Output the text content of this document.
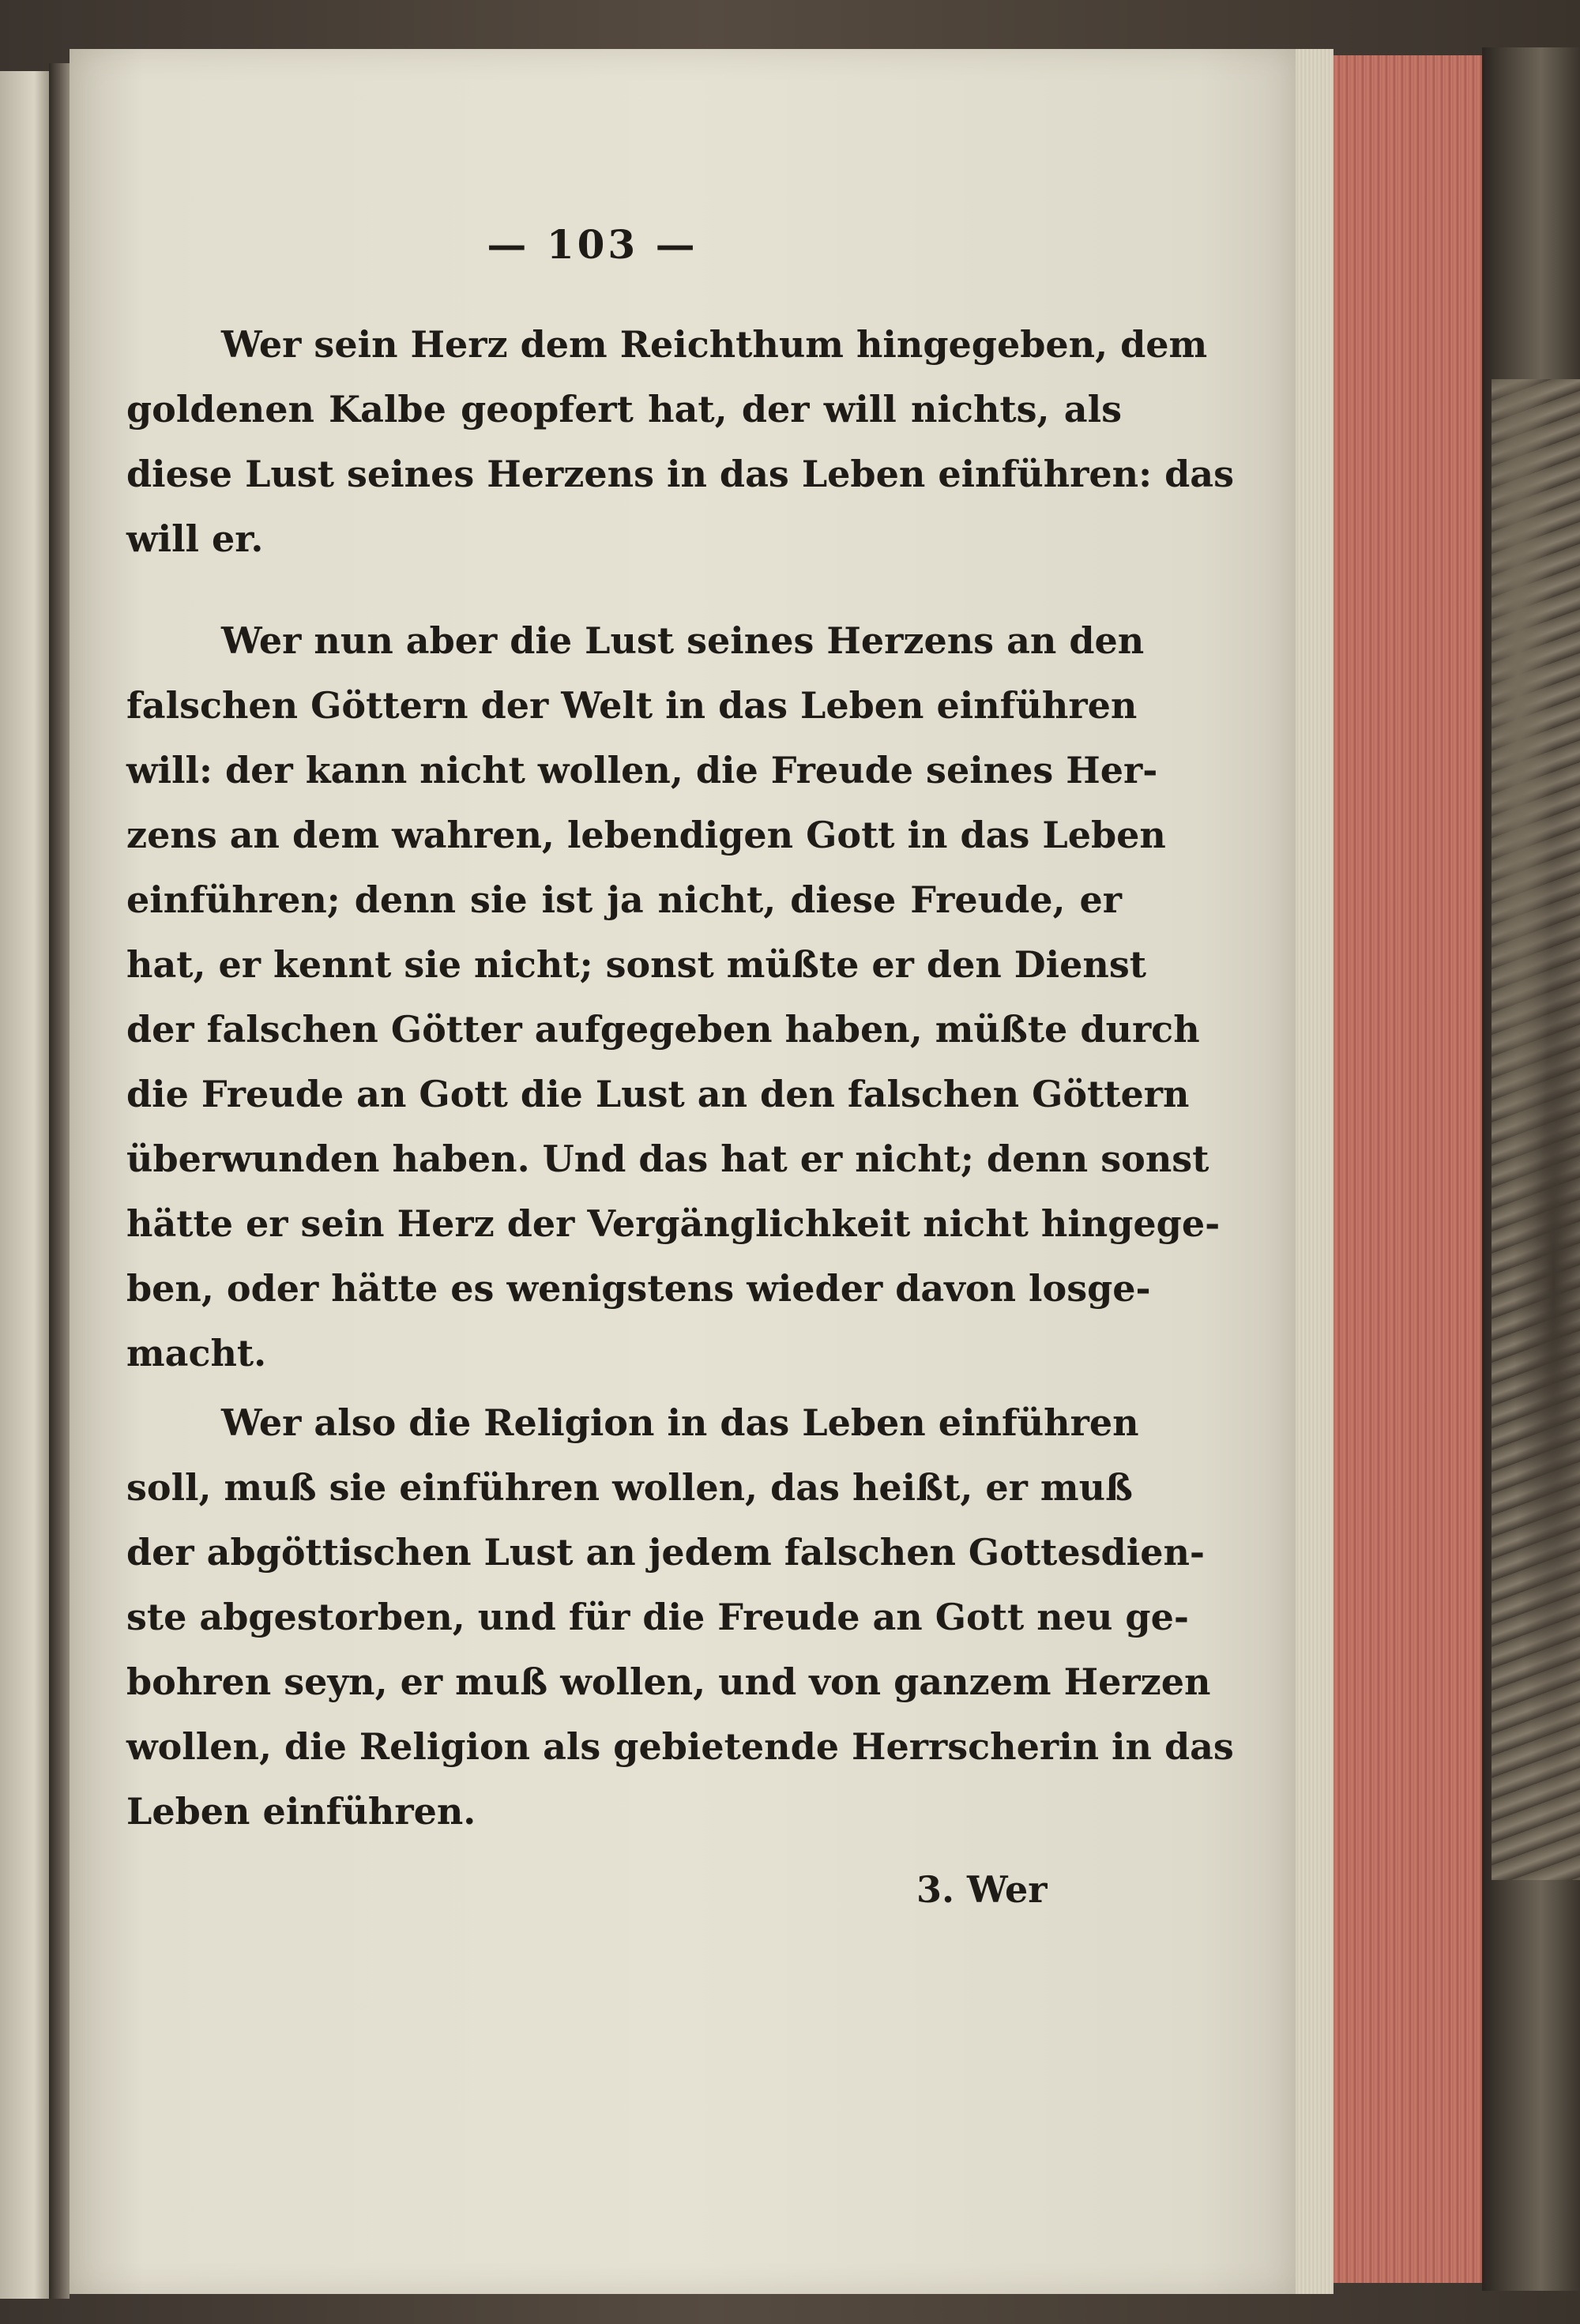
— 103 —
Wer sein Herz dem Reichthum hingegeben, dem
goldenen Kalbe geopfert hat, der will nichts, als
diese Lust seines Herzens in das Leben einführen: das
will er.
Wer nun aber die Lust seines Herzens an den
falschen Göttern der Welt in das Leben einführen
will: der kann nicht wollen, die Freude seines Her-
zens an dem wahren, lebendigen Gott in das Leben
einführen; denn sie ist ja nicht, diese Freude, er
hat, er kennt sie nicht; sonst müßte er den Dienst
der falschen Götter aufgegeben haben, müßte durch
die Freude an Gott die Lust an den falschen Göttern
überwunden haben. Und das hat er nicht; denn sonst
hätte er sein Herz der Vergänglichkeit nicht hingege-
ben, oder hätte es wenigstens wieder davon losge-
macht.
Wer also die Religion in das Leben einführen
soll, muß sie einführen wollen, das heißt, er muß
der abgöttischen Lust an jedem falschen Gottesdien-
ste abgestorben, und für die Freude an Gott neu ge-
bohren seyn, er muß wollen, und von ganzem Herzen
wollen, die Religion als gebietende Herrscherin in das
Leben einführen.
3. Wer
